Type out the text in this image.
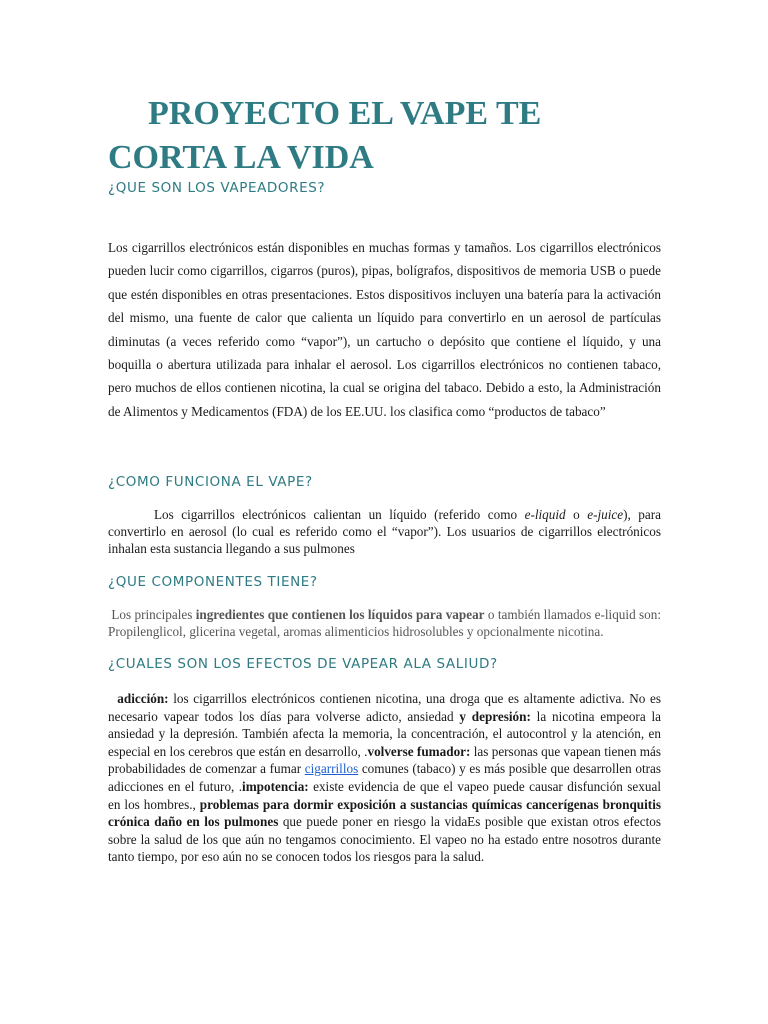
PROYECTO EL VAPE TE
CORTA LA VIDA
¿QUE SON LOS VAPEADORES?

Los cigarrillos electrónicos están disponibles en muchas formas y tamaños. Los cigarrillos electrónicos pueden lucir como cigarrillos, cigarros (puros), pipas, bolígrafos, dispositivos de memoria USB o puede que estén disponibles en otras presentaciones. Estos dispositivos incluyen una batería para la activación del mismo, una fuente de calor que calienta un líquido para convertirlo en un aerosol de partículas diminutas (a veces referido como “vapor”), un cartucho o depósito que contiene el líquido, y una boquilla o abertura utilizada para inhalar el aerosol. Los cigarrillos electrónicos no contienen tabaco, pero muchos de ellos contienen nicotina, la cual se origina del tabaco. Debido a esto, la Administración de Alimentos y Medicamentos (FDA) de los EE.UU. los clasifica como “productos de tabaco”

¿COMO FUNCIONA EL VAPE?

Los cigarrillos electrónicos calientan un líquido (referido como e-liquid o e-juice), para convertirlo en aerosol (lo cual es referido como el “vapor”). Los usuarios de cigarrillos electrónicos inhalan esta sustancia llegando a sus pulmones

¿QUE COMPONENTES TIENE?

Los principales ingredientes que contienen los líquidos para vapear o también llamados e-liquid son: Propilenglicol, glicerina vegetal, aromas alimenticios hidrosolubles y opcionalmente nicotina.

¿CUALES SON LOS EFECTOS DE VAPEAR ALA SALIUD?

adicción: los cigarrillos electrónicos contienen nicotina, una droga que es altamente adictiva. No es necesario vapear todos los días para volverse adicto, ansiedad y depresión: la nicotina empeora la ansiedad y la depresión. También afecta la memoria, la concentración, el autocontrol y la atención, en especial en los cerebros que están en desarrollo, .volverse fumador: las personas que vapean tienen más probabilidades de comenzar a fumar cigarrillos comunes (tabaco) y es más posible que desarrollen otras adicciones en el futuro, .impotencia: existe evidencia de que el vapeo puede causar disfunción sexual en los hombres., problemas para dormir exposición a sustancias químicas cancerígenas bronquitis crónica daño en los pulmones que puede poner en riesgo la vidaEs posible que existan otros efectos sobre la salud de los que aún no tengamos conocimiento. El vapeo no ha estado entre nosotros durante tanto tiempo, por eso aún no se conocen todos los riesgos para la salud.
